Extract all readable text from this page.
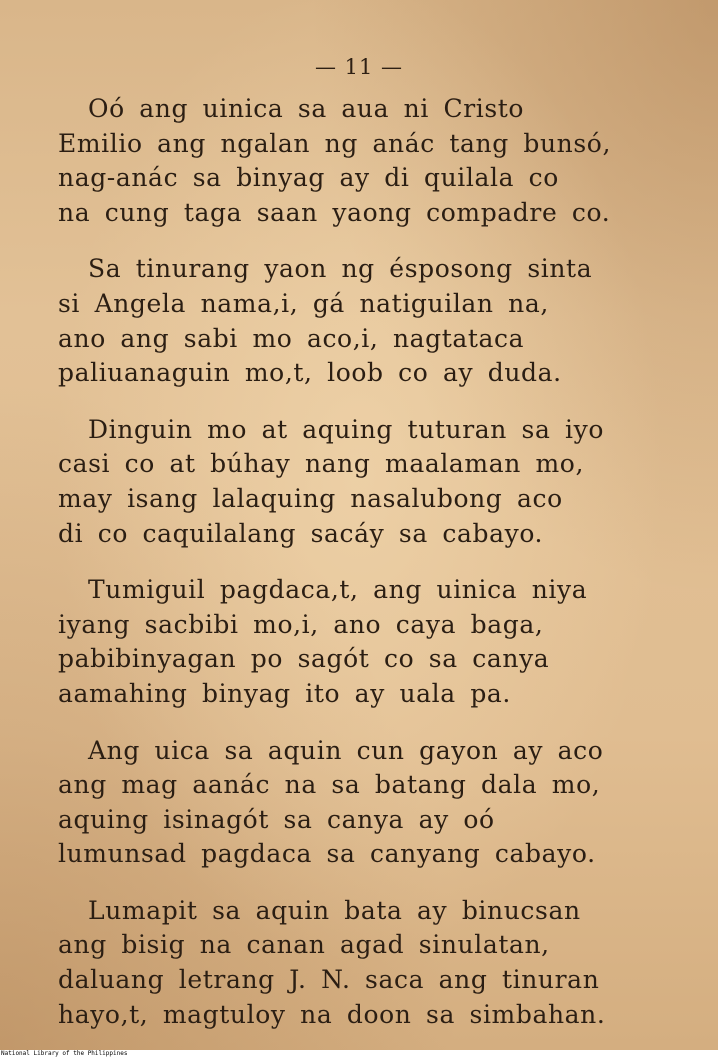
— 11 —
Oó ang uinica sa aua ni Cristo
Emilio ang ngalan ng anác tang bunsó,
nag-anác sa binyag ay di quilala co
na cung taga saan yaong compadre co.
Sa tinurang yaon ng ésposong sinta
si Angela nama,i, gá natiguilan na,
ano ang sabi mo aco,i, nagtataca
paliuanaguin mo,t, loob co ay duda.
Dinguin mo at aquing tuturan sa iyo
casi co at búhay nang maalaman mo,
may isang lalaquing nasalubong aco
di co caquilalang sacáy sa cabayo.
Tumiguil pagdaca,t, ang uinica niya
iyang sacbibi mo,i, ano caya baga,
pabibinyagan po sagót co sa canya
aamahing binyag ito ay uala pa.
Ang uica sa aquin cun gayon ay aco
ang mag aanác na sa batang dala mo,
aquing isinagót sa canya ay oó
lumunsad pagdaca sa canyang cabayo.
Lumapit sa aquin bata ay binucsan
ang bisig na canan agad sinulatan,
daluang letrang J. N. saca ang tinuran
hayo,t, magtuloy na doon sa simbahan.
National Library of the Philippines
